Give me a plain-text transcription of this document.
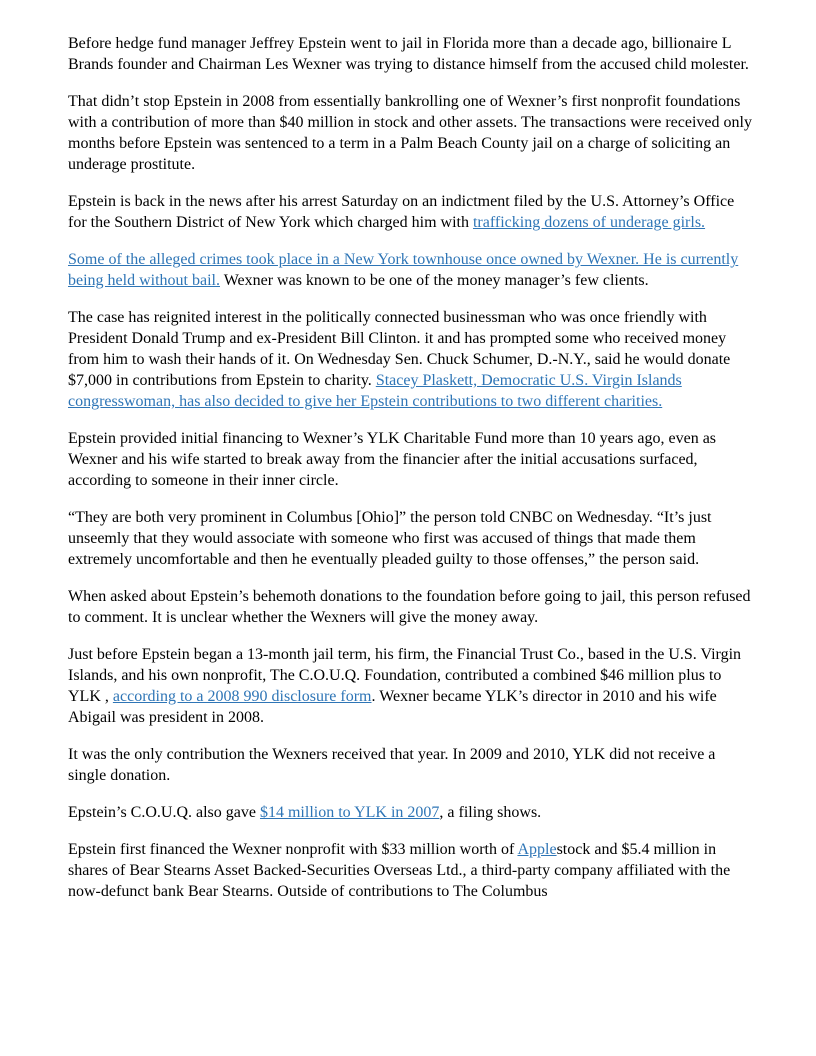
Before hedge fund manager Jeffrey Epstein went to jail in Florida more than a decade ago, billionaire L Brands founder and Chairman Les Wexner was trying to distance himself from the accused child molester.

That didn’t stop Epstein in 2008 from essentially bankrolling one of Wexner’s first nonprofit foundations with a contribution of more than $40 million in stock and other assets. The transactions were received only months before Epstein was sentenced to a term in a Palm Beach County jail on a charge of soliciting an underage prostitute.

Epstein is back in the news after his arrest Saturday on an indictment filed by the U.S. Attorney’s Office for the Southern District of New York which charged him with trafficking dozens of underage girls.

Some of the alleged crimes took place in a New York townhouse once owned by Wexner. He is currently being held without bail. Wexner was known to be one of the money manager’s few clients.

The case has reignited interest in the politically connected businessman who was once friendly with President Donald Trump and ex-President Bill Clinton. it and has prompted some who received money from him to wash their hands of it. On Wednesday Sen. Chuck Schumer, D.-N.Y., said he would donate $7,000 in contributions from Epstein to charity. Stacey Plaskett, Democratic U.S. Virgin Islands congresswoman, has also decided to give her Epstein contributions to two different charities.

Epstein provided initial financing to Wexner’s YLK Charitable Fund more than 10 years ago, even as Wexner and his wife started to break away from the financier after the initial accusations surfaced, according to someone in their inner circle.

“They are both very prominent in Columbus [Ohio]” the person told CNBC on Wednesday. “It’s just unseemly that they would associate with someone who first was accused of things that made them extremely uncomfortable and then he eventually pleaded guilty to those offenses,” the person said.

When asked about Epstein’s behemoth donations to the foundation before going to jail, this person refused to comment. It is unclear whether the Wexners will give the money away.

Just before Epstein began a 13-month jail term, his firm, the Financial Trust Co., based in the U.S. Virgin Islands, and his own nonprofit, The C.O.U.Q. Foundation, contributed a combined $46 million plus to YLK , according to a 2008 990 disclosure form. Wexner became YLK’s director in 2010 and his wife Abigail was president in 2008.

It was the only contribution the Wexners received that year. In 2009 and 2010, YLK did not receive a single donation.

Epstein’s C.O.U.Q. also gave $14 million to YLK in 2007, a filing shows.

Epstein first financed the Wexner nonprofit with $33 million worth of Applestock and $5.4 million in shares of Bear Stearns Asset Backed-Securities Overseas Ltd., a third-party company affiliated with the now-defunct bank Bear Stearns. Outside of contributions to The Columbus
